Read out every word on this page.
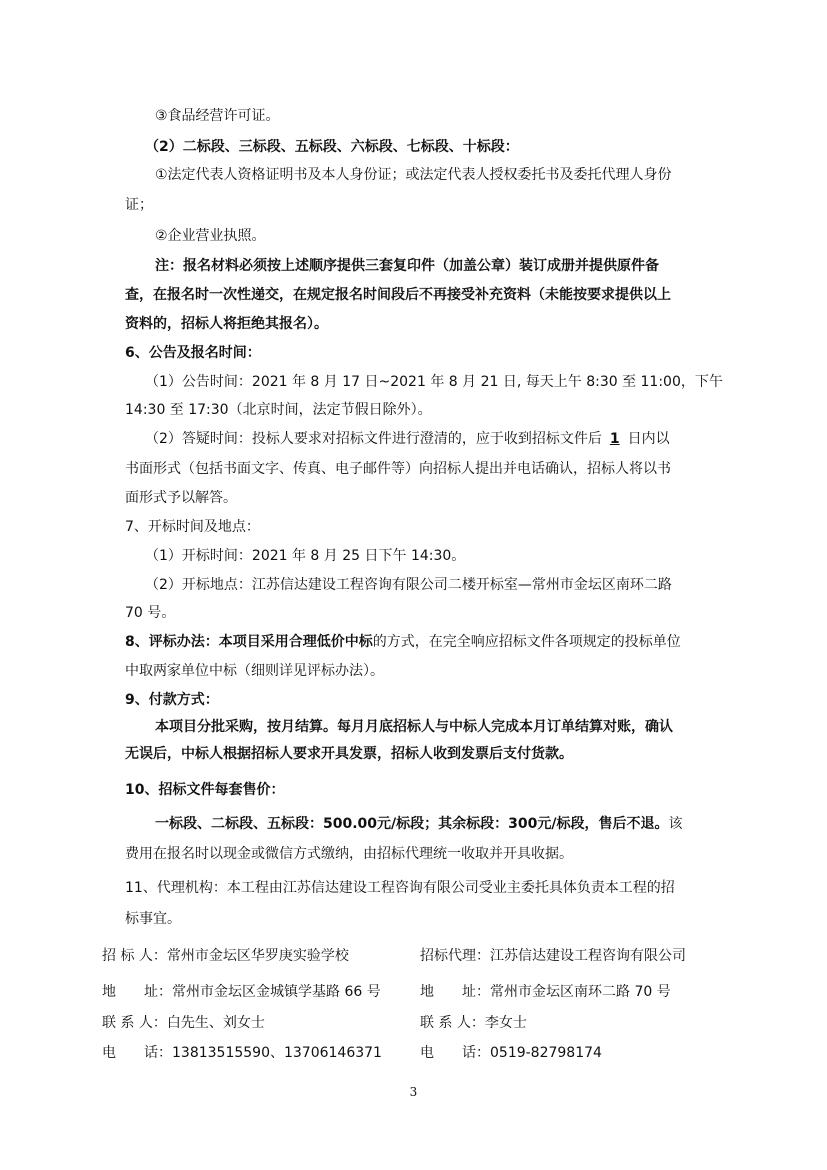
③食品经营许可证。
（2）二标段、三标段、五标段、六标段、七标段、十标段：
①法定代表人资格证明书及本人身份证；或法定代表人授权委托书及委托代理人身份
证；
②企业营业执照。
注：报名材料必须按上述顺序提供三套复印件（加盖公章）装订成册并提供原件备
查，在报名时一次性递交，在规定报名时间段后不再接受补充资料（未能按要求提供以上
资料的，招标人将拒绝其报名）。
6、公告及报名时间：
（1）公告时间：2021 年 8 月 17 日~2021 年 8 月 21 日, 每天上午 8:30 至 11:00，下午
14:30 至 17:30（北京时间，法定节假日除外）。
（2）答疑时间：投标人要求对招标文件进行澄清的，应于收到招标文件后 1 日内以
书面形式（包括书面文字、传真、电子邮件等）向招标人提出并电话确认，招标人将以书
面形式予以解答。
7、开标时间及地点：
（1）开标时间：2021 年 8 月 25 日下午 14:30。
（2）开标地点：江苏信达建设工程咨询有限公司二楼开标室—常州市金坛区南环二路
70 号。
8、评标办法：本项目采用合理低价中标的方式，在完全响应招标文件各项规定的投标单位
中取两家单位中标（细则详见评标办法）。
9、付款方式：
本项目分批采购，按月结算。每月月底招标人与中标人完成本月订单结算对账，确认
无误后，中标人根据招标人要求开具发票，招标人收到发票后支付货款。
10、招标文件每套售价：
一标段、二标段、五标段：500.00元/标段；其余标段：300元/标段，售后不退。该
费用在报名时以现金或微信方式缴纳，由招标代理统一收取并开具收据。
11、代理机构：本工程由江苏信达建设工程咨询有限公司受业主委托具体负责本工程的招
标事宜。
招 标 人：常州市金坛区华罗庚实验学校
地　　址：常州市金坛区金城镇学基路 66 号
联 系 人：白先生、刘女士
电　　话：13813515590、13706146371
招标代理：江苏信达建设工程咨询有限公司
地　　址：常州市金坛区南环二路 70 号
联 系 人：李女士
电　　话：0519-82798174
3
